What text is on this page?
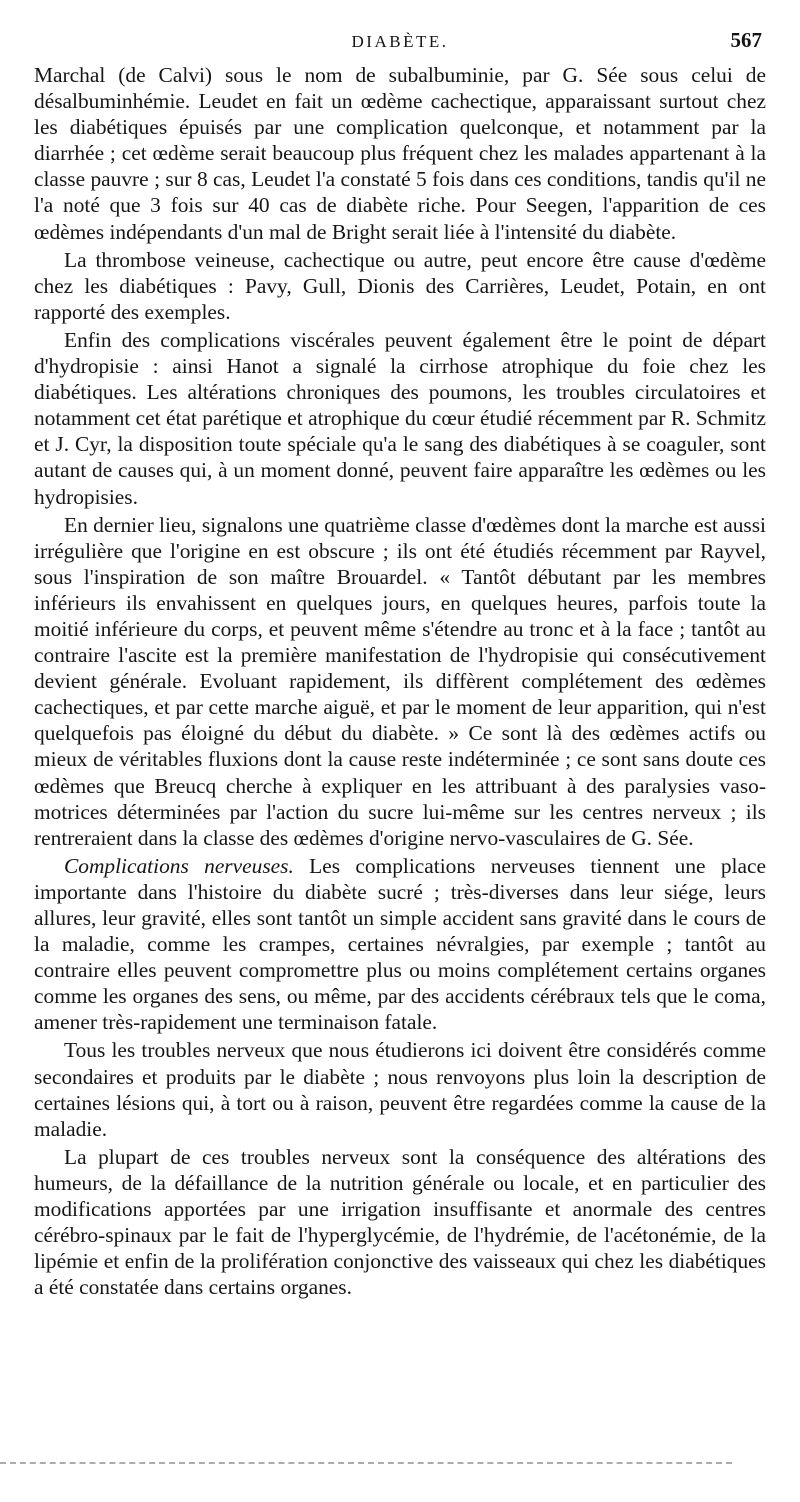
DIABÈTE.	567

Marchal (de Calvi) sous le nom de subalbuminie, par G. Sée sous celui de désalbuminhémie. Leudet en fait un œdème cachectique, apparaissant surtout chez les diabétiques épuisés par une complication quelconque, et notamment par la diarrhée ; cet œdème serait beaucoup plus fréquent chez les malades appartenant à la classe pauvre ; sur 8 cas, Leudet l'a constaté 5 fois dans ces conditions, tandis qu'il ne l'a noté que 3 fois sur 40 cas de diabète riche. Pour Seegen, l'apparition de ces œdèmes indépendants d'un mal de Bright serait liée à l'intensité du diabète.

La thrombose veineuse, cachectique ou autre, peut encore être cause d'œdème chez les diabétiques : Pavy, Gull, Dionis des Carrières, Leudet, Potain, en ont rapporté des exemples.

Enfin des complications viscérales peuvent également être le point de départ d'hydropisie : ainsi Hanot a signalé la cirrhose atrophique du foie chez les diabétiques. Les altérations chroniques des poumons, les troubles circulatoires et notamment cet état parétique et atrophique du cœur étudié récemment par R. Schmitz et J. Cyr, la disposition toute spéciale qu'a le sang des diabétiques à se coaguler, sont autant de causes qui, à un moment donné, peuvent faire apparaître les œdèmes ou les hydropisies.

En dernier lieu, signalons une quatrième classe d'œdèmes dont la marche est aussi irrégulière que l'origine en est obscure ; ils ont été étudiés récemment par Rayvel, sous l'inspiration de son maître Brouardel. « Tantôt débutant par les membres inférieurs ils envahissent en quelques jours, en quelques heures, parfois toute la moitié inférieure du corps, et peuvent même s'étendre au tronc et à la face ; tantôt au contraire l'ascite est la première manifestation de l'hydropisie qui consécutivement devient générale. Evoluant rapidement, ils diffèrent complétement des œdèmes cachectiques, et par cette marche aiguë, et par le moment de leur apparition, qui n'est quelquefois pas éloigné du début du diabète. » Ce sont là des œdèmes actifs ou mieux de véritables fluxions dont la cause reste indéterminée ; ce sont sans doute ces œdèmes que Breucq cherche à expliquer en les attribuant à des paralysies vaso-motrices déterminées par l'action du sucre lui-même sur les centres nerveux ; ils rentreraient dans la classe des œdèmes d'origine nervo-vasculaires de G. Sée.

Complications nerveuses. Les complications nerveuses tiennent une place importante dans l'histoire du diabète sucré ; très-diverses dans leur siége, leurs allures, leur gravité, elles sont tantôt un simple accident sans gravité dans le cours de la maladie, comme les crampes, certaines névralgies, par exemple ; tantôt au contraire elles peuvent compromettre plus ou moins complétement certains organes comme les organes des sens, ou même, par des accidents cérébraux tels que le coma, amener très-rapidement une terminaison fatale.

Tous les troubles nerveux que nous étudierons ici doivent être considérés comme secondaires et produits par le diabète ; nous renvoyons plus loin la description de certaines lésions qui, à tort ou à raison, peuvent être regardées comme la cause de la maladie.

La plupart de ces troubles nerveux sont la conséquence des altérations des humeurs, de la défaillance de la nutrition générale ou locale, et en particulier des modifications apportées par une irrigation insuffisante et anormale des centres cérébro-spinaux par le fait de l'hyperglycémie, de l'hydrémie, de l'acétonémie, de la lipémie et enfin de la prolifération conjonctive des vaisseaux qui chez les diabétiques a été constatée dans certains organes.
